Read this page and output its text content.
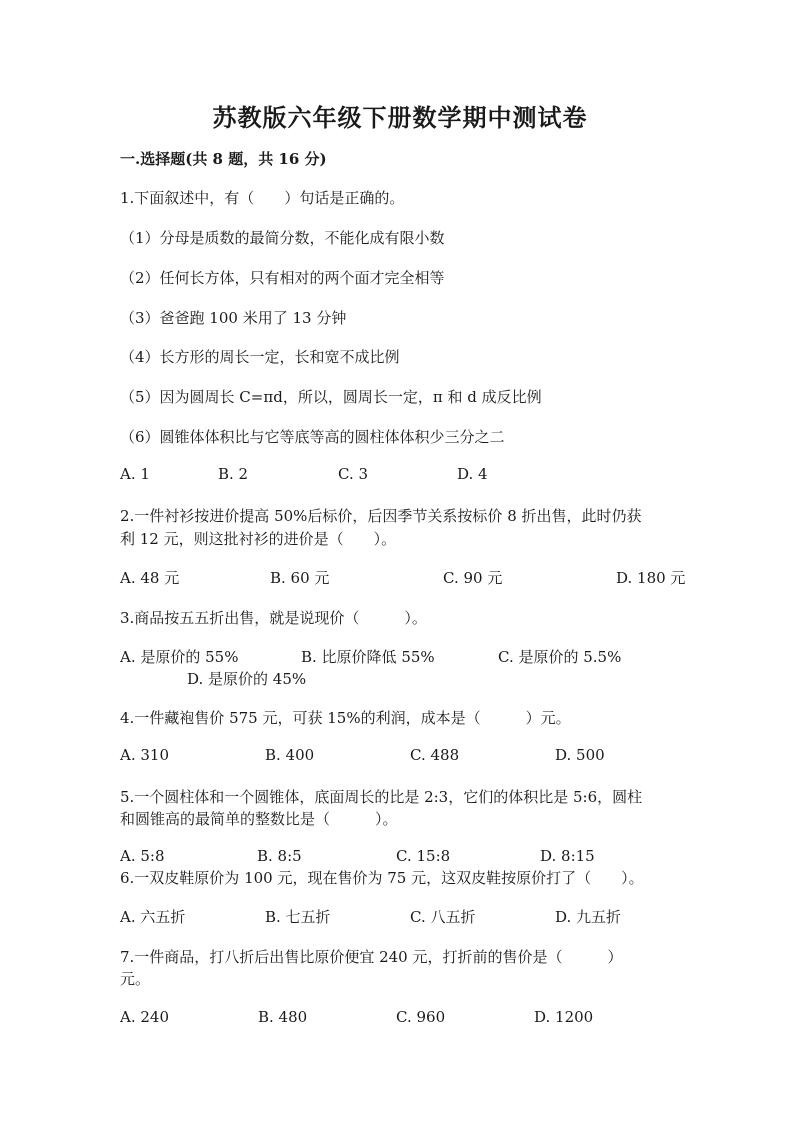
苏教版六年级下册数学期中测试卷
一.选择题(共 8 题，共 16 分)
1.下面叙述中，有（　　）句话是正确的。
（1）分母是质数的最简分数，不能化成有限小数
（2）任何长方体，只有相对的两个面才完全相等
（3）爸爸跑 100 米用了 13 分钟
（4）长方形的周长一定，长和宽不成比例
（5）因为圆周长 C=πd，所以，圆周长一定，π 和 d 成反比例
（6）圆锥体体积比与它等底等高的圆柱体体积少三分之二
A. 1	B. 2	C. 3	D. 4
2.一件衬衫按进价提高 50%后标价，后因季节关系按标价 8 折出售，此时仍获
利 12 元，则这批衬衫的进价是（　　）。
A. 48 元	B. 60 元	C. 90 元	D. 180 元
3.商品按五五折出售，就是说现价（　　　）。
A. 是原价的 55%	B. 比原价降低 55%	C. 是原价的 5.5%
D. 是原价的 45%
4.一件藏袍售价 575 元，可获 15%的利润，成本是（　　　）元。
A. 310	B. 400	C. 488	D. 500
5.一个圆柱体和一个圆锥体，底面周长的比是 2:3，它们的体积比是 5:6，圆柱
和圆锥高的最简单的整数比是（　　　）。
A. 5:8	B. 8:5	C. 15:8	D. 8:15
6.一双皮鞋原价为 100 元，现在售价为 75 元，这双皮鞋按原价打了（　　）。
A. 六五折	B. 七五折	C. 八五折	D. 九五折
7.一件商品，打八折后出售比原价便宜 240 元，打折前的售价是（　　　）
元。
A. 240	B. 480	C. 960	D. 1200
